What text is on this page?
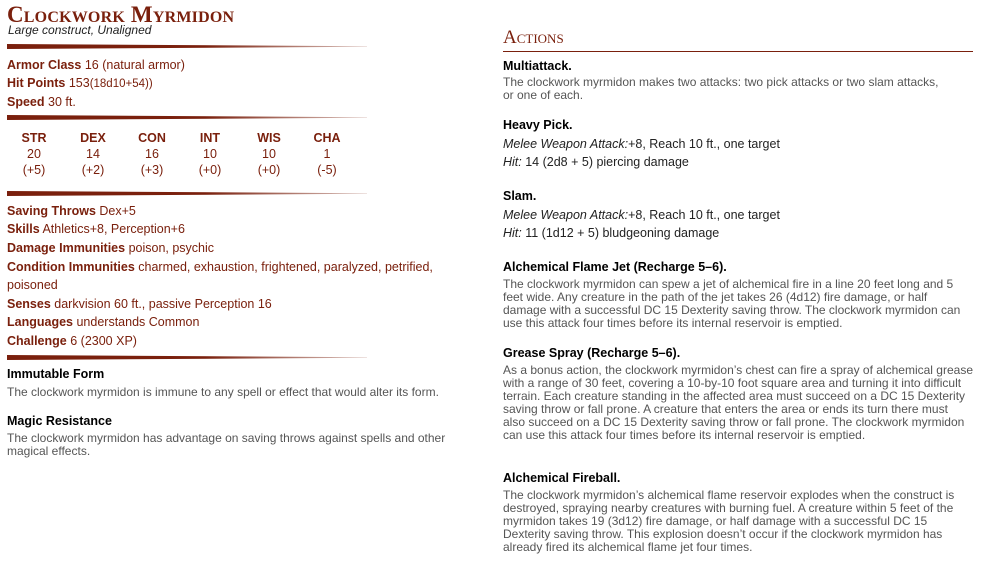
Clockwork Myrmidon
Large construct, Unaligned
Armor Class 16 (natural armor)
Hit Points 153(18d10+54))
Speed 30 ft.
STR
20
(+5)
DEX
14
(+2)
CON
16
(+3)
INT
10
(+0)
WIS
10
(+0)
CHA
1
(-5)
Saving Throws Dex+5
Skills Athletics+8, Perception+6
Damage Immunities poison, psychic
Condition Immunities charmed, exhaustion, frightened, paralyzed, petrified,
poisoned
Senses darkvision 60 ft., passive Perception 16
Languages understands Common
Challenge 6 (2300 XP)
Immutable Form
The clockwork myrmidon is immune to any spell or effect that would alter its form.
Magic Resistance
The clockwork myrmidon has advantage on saving throws against spells and other magical effects.
Actions
Multiattack.
The clockwork myrmidon makes two attacks: two pick attacks or two slam attacks, or one of each.
Heavy Pick.
Melee Weapon Attack:+8, Reach 10 ft., one target
Hit: 14 (2d8 + 5) piercing damage
Slam.
Melee Weapon Attack:+8, Reach 10 ft., one target
Hit: 11 (1d12 + 5) bludgeoning damage
Alchemical Flame Jet (Recharge 5–6).
The clockwork myrmidon can spew a jet of alchemical fire in a line 20 feet long and 5 feet wide. Any creature in the path of the jet takes 26 (4d12) fire damage, or half damage with a successful DC 15 Dexterity saving throw. The clockwork myrmidon can use this attack four times before its internal reservoir is emptied.
Grease Spray (Recharge 5–6).
As a bonus action, the clockwork myrmidon’s chest can fire a spray of alchemical grease with a range of 30 feet, covering a 10-by-10 foot square area and turning it into difficult terrain. Each creature standing in the affected area must succeed on a DC 15 Dexterity saving throw or fall prone. A creature that enters the area or ends its turn there must also succeed on a DC 15 Dexterity saving throw or fall prone. The clockwork myrmidon can use this attack four times before its internal reservoir is emptied.
Alchemical Fireball.
The clockwork myrmidon’s alchemical flame reservoir explodes when the construct is destroyed, spraying nearby creatures with burning fuel. A creature within 5 feet of the myrmidon takes 19 (3d12) fire damage, or half damage with a successful DC 15 Dexterity saving throw. This explosion doesn’t occur if the clockwork myrmidon has already fired its alchemical flame jet four times.
